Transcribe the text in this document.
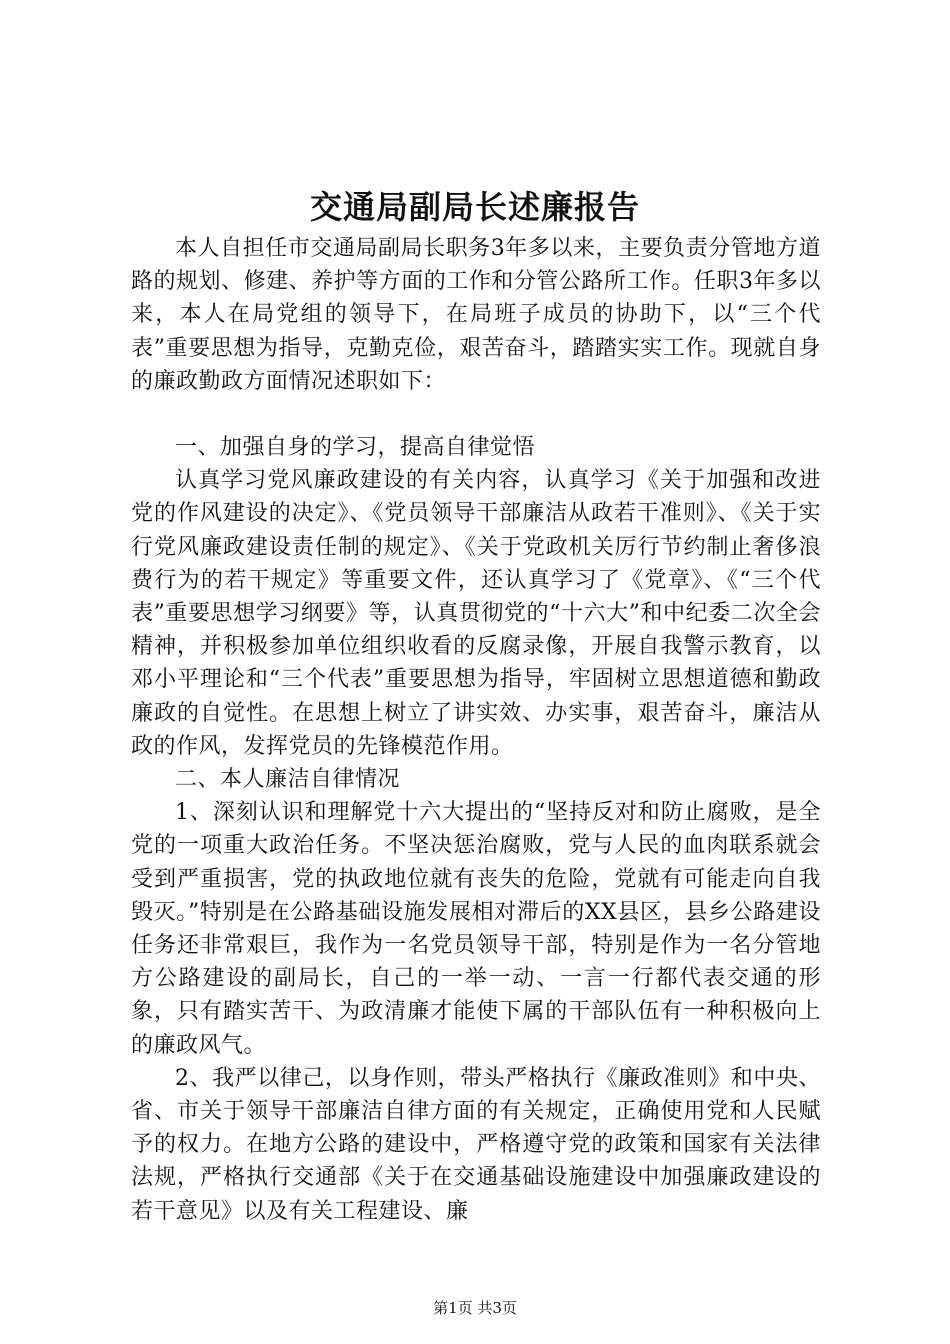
交通局副局长述廉报告

本人自担任市交通局副局长职务3年多以来，主要负责分管地方道路的规划、修建、养护等方面的工作和分管公路所工作。任职3年多以来，本人在局党组的领导下，在局班子成员的协助下，以“三个代表”重要思想为指导，克勤克俭，艰苦奋斗，踏踏实实工作。现就自身的廉政勤政方面情况述职如下：

一、加强自身的学习，提高自律觉悟

认真学习党风廉政建设的有关内容，认真学习《关于加强和改进党的作风建设的决定》、《党员领导干部廉洁从政若干准则》、《关于实行党风廉政建设责任制的规定》、《关于党政机关厉行节约制止奢侈浪费行为的若干规定》等重要文件，还认真学习了《党章》、《“三个代表”重要思想学习纲要》等，认真贯彻党的“十六大”和中纪委二次全会精神，并积极参加单位组织收看的反腐录像，开展自我警示教育，以邓小平理论和“三个代表”重要思想为指导，牢固树立思想道德和勤政廉政的自觉性。在思想上树立了讲实效、办实事，艰苦奋斗，廉洁从政的作风，发挥党员的先锋模范作用。

二、本人廉洁自律情况

1、深刻认识和理解党十六大提出的“坚持反对和防止腐败，是全党的一项重大政治任务。不坚决惩治腐败，党与人民的血肉联系就会受到严重损害，党的执政地位就有丧失的危险，党就有可能走向自我毁灭。”特别是在公路基础设施发展相对滞后的XX县区，县乡公路建设任务还非常艰巨，我作为一名党员领导干部，特别是作为一名分管地方公路建设的副局长，自己的一举一动、一言一行都代表交通的形象，只有踏实苦干、为政清廉才能使下属的干部队伍有一种积极向上的廉政风气。

2、我严以律己，以身作则，带头严格执行《廉政准则》和中央、省、市关于领导干部廉洁自律方面的有关规定，正确使用党和人民赋予的权力。在地方公路的建设中，严格遵守党的政策和国家有关法律法规，严格执行交通部《关于在交通基础设施建设中加强廉政建设的若干意见》以及有关工程建设、廉

第1页 共3页
